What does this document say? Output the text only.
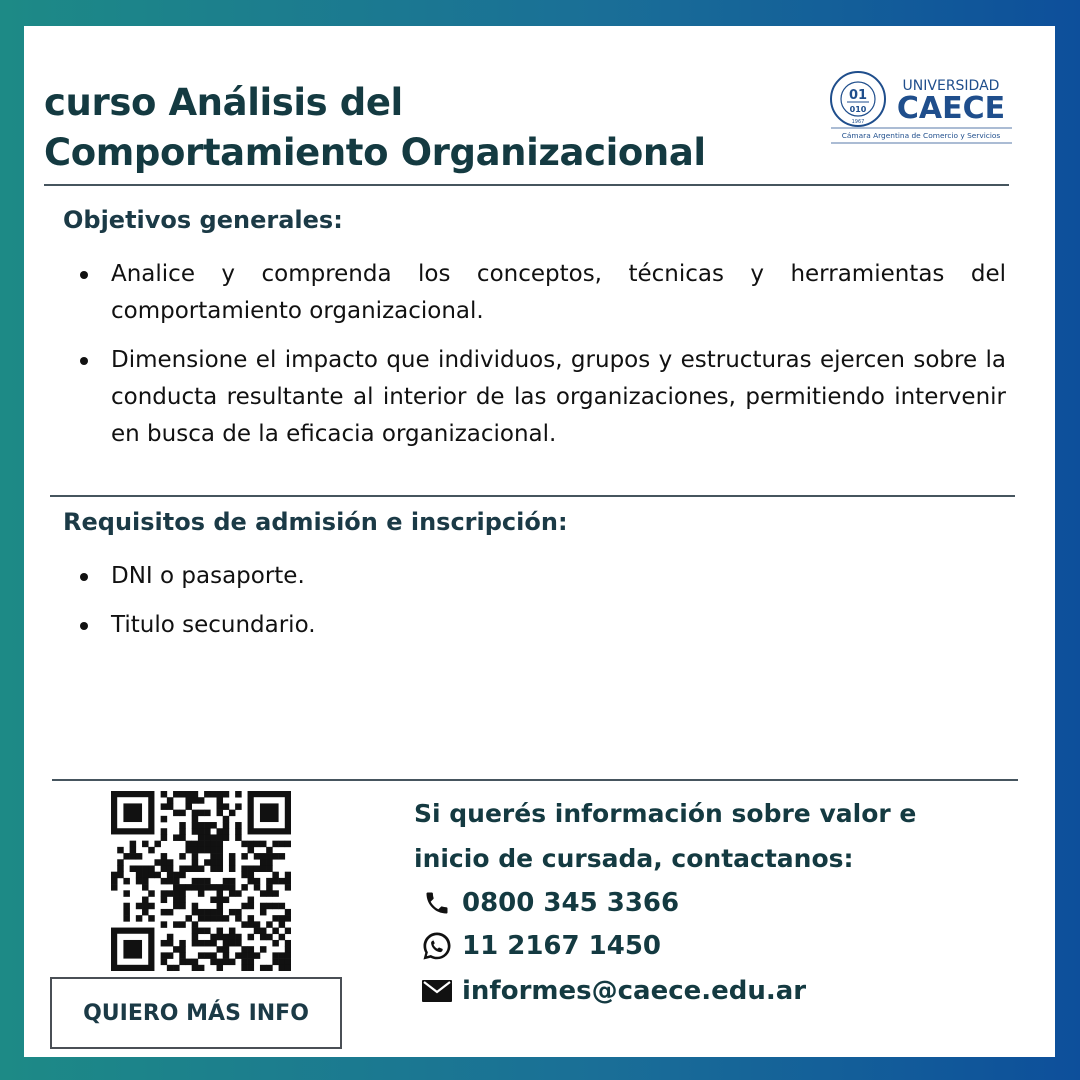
curso Análisis del
Comportamiento Organizacional
01
010
1967
UNIVERSIDAD
CAECE
Cámara Argentina de Comercio y Servicios
Objetivos generales:
Analice y comprenda los conceptos, técnicas y herramientas del comportamiento organizacional.
Dimensione el impacto que individuos, grupos y estructuras ejercen sobre la conducta resultante al interior de las organizaciones, permitiendo intervenir en busca de la eficacia organizacional.
Requisitos de admisión e inscripción:
DNI o pasaporte.
Titulo secundario.
QUIERO MÁS INFO

Si querés información sobre valor e
inicio de cursada, contactanos:

0800 345 3366
11 2167 1450
informes@caece.edu.ar
